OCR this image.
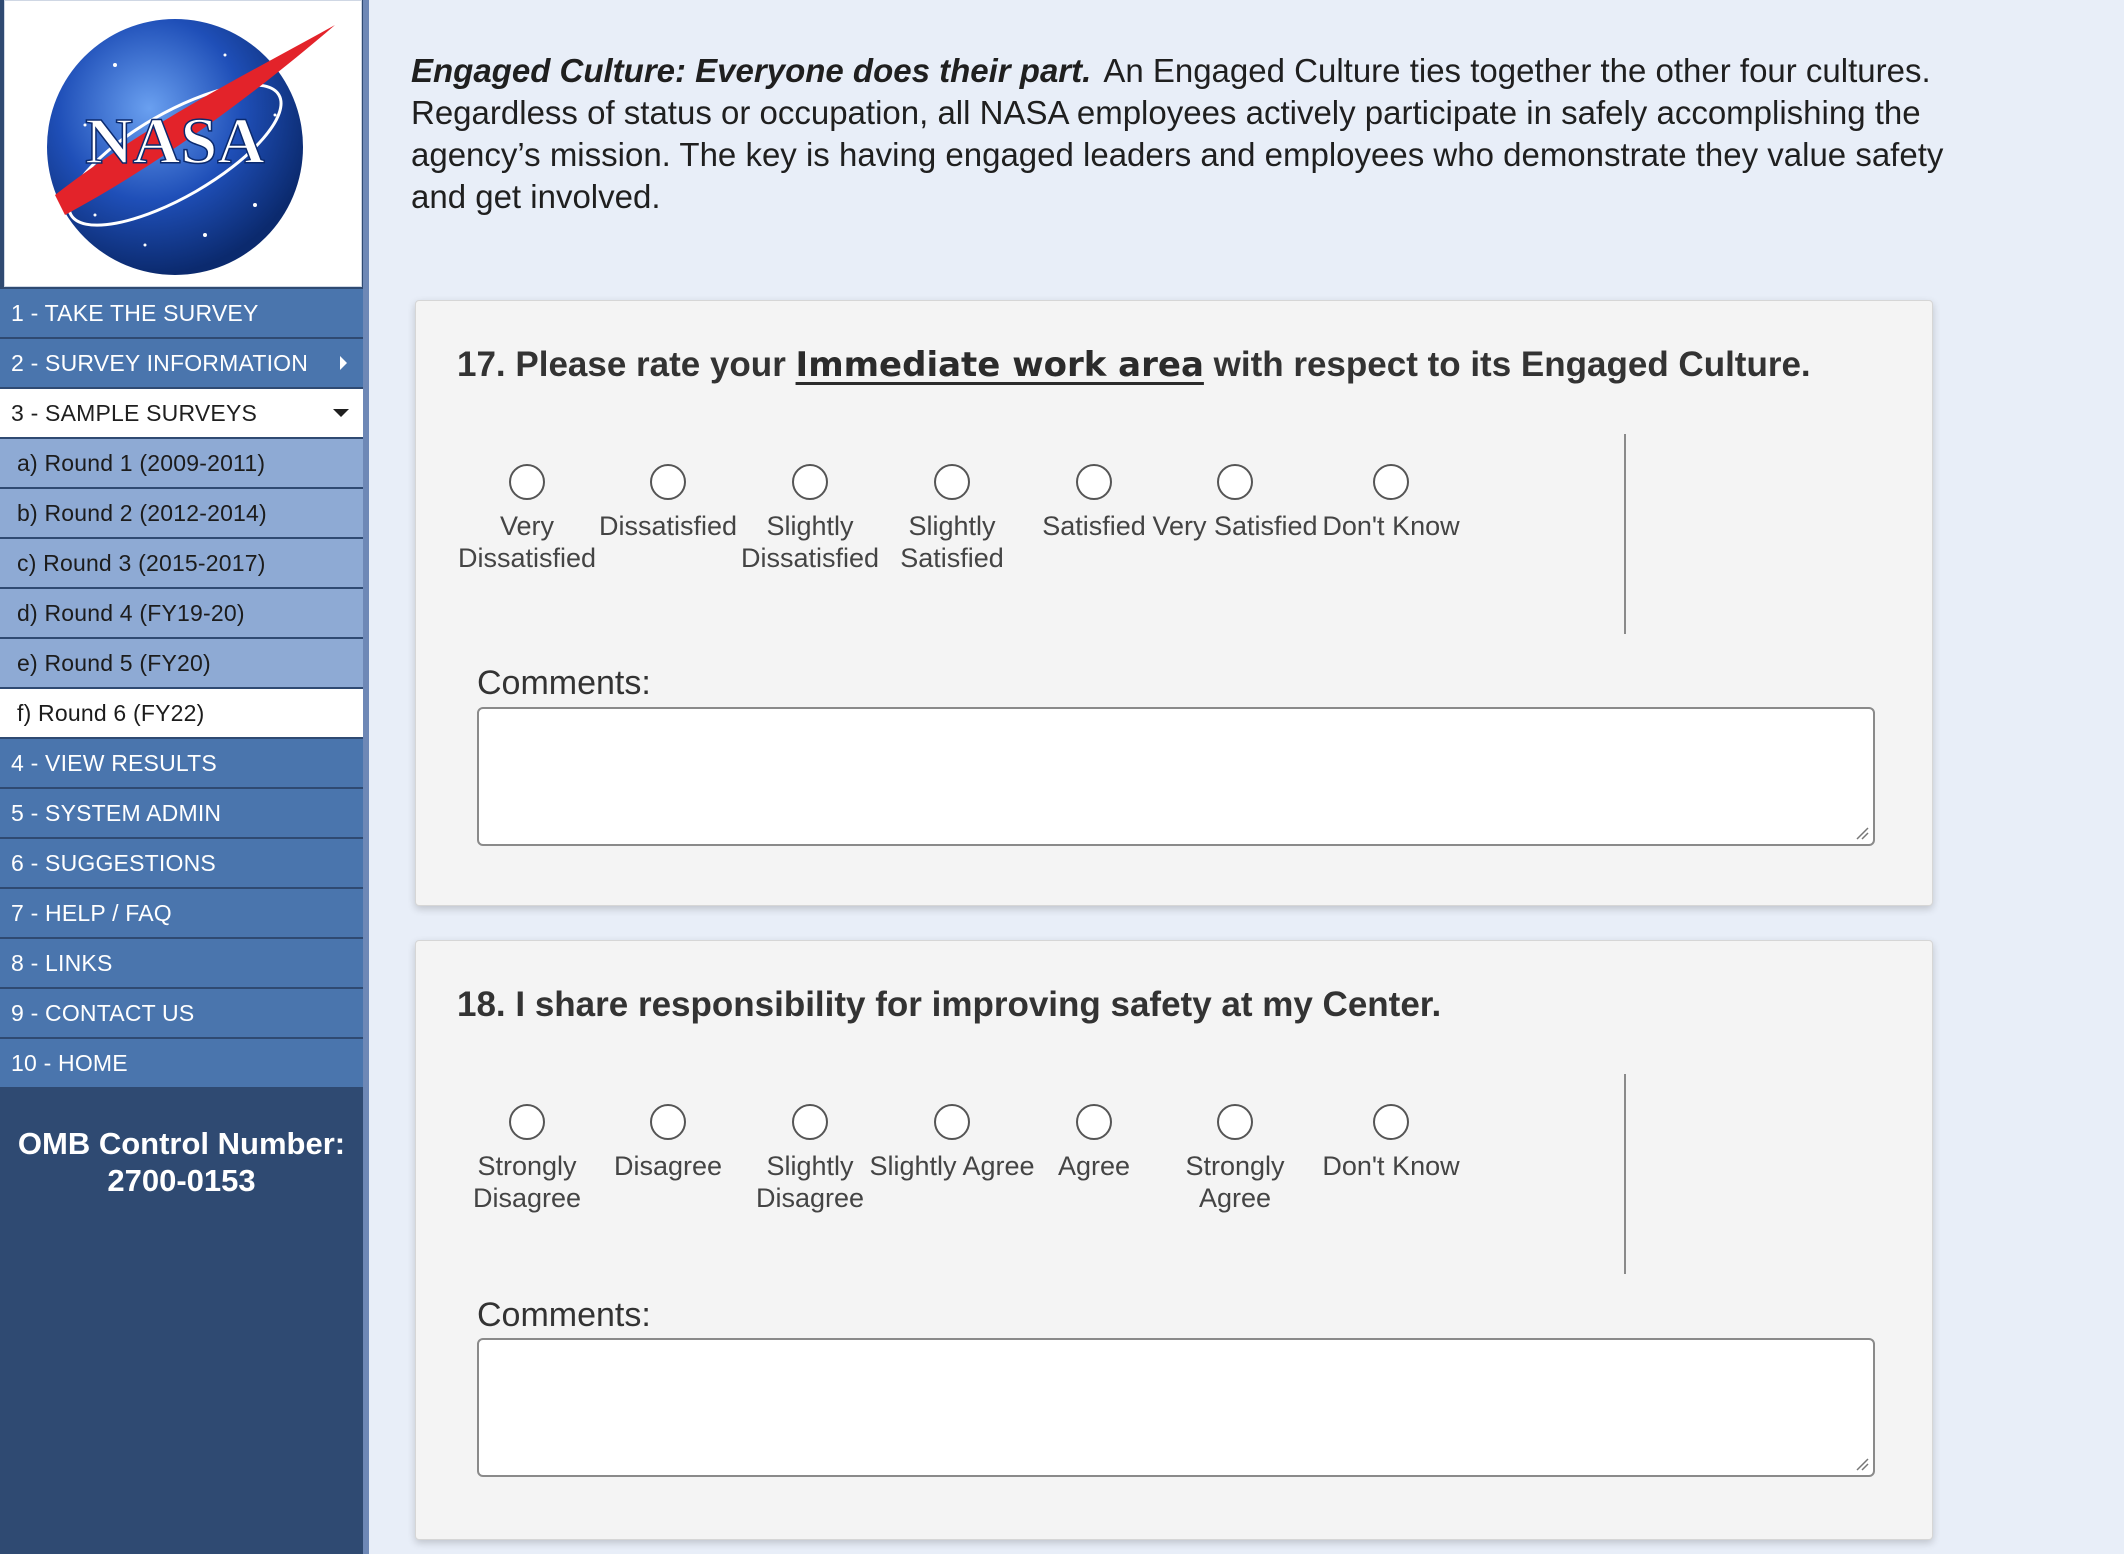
NASA
1 - TAKE THE SURVEY
2 - SURVEY INFORMATION
3 - SAMPLE SURVEYS
a) Round 1 (2009-2011)
b) Round 2 (2012-2014)
c) Round 3 (2015-2017)
d) Round 4 (FY19-20)
e) Round 5 (FY20)
f) Round 6 (FY22)
4 - VIEW RESULTS
5 - SYSTEM ADMIN
6 - SUGGESTIONS
7 - HELP / FAQ
8 - LINKS
9 - CONTACT US
10 - HOME
OMB Control Number:
2700-0153
Engaged Culture: Everyone does their part. An Engaged Culture ties together the other four cultures. Regardless of status or occupation, all NASA employees actively participate in safely accomplishing the agency’s mission. The key is having engaged leaders and employees who demonstrate they value safety and get involved.
17. Please rate your Immediate work area with respect to its Engaged Culture.
Very Dissatisfied
Dissatisfied	Slightly Dissatisfied
Slightly Satisfied
Satisfied Very Satisfied Don't Know
Comments:
18. I share responsibility for improving safety at my Center.
Strongly Disagree
Disagree	Slightly Disagree
Slightly Agree Agree	Strongly Agree
Don't Know
Comments:
